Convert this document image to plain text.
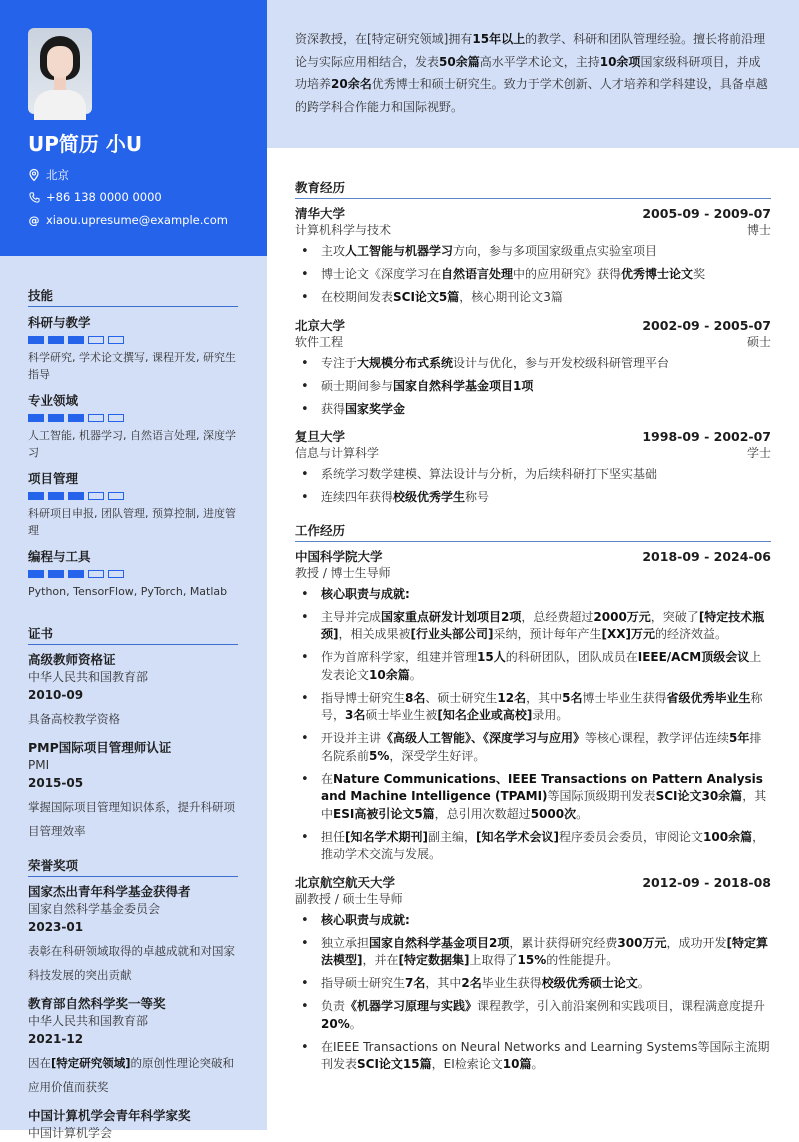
UP简历 小U
北京
+86 138 0000 0000
@ xiaou.upresume@example.com
技能
科研与教学
科学研究, 学术论文撰写, 课程开发, 研究生指导
专业领域
人工智能, 机器学习, 自然语言处理, 深度学习
项目管理
科研项目申报, 团队管理, 预算控制, 进度管理
编程与工具
Python, TensorFlow, PyTorch, Matlab
证书
高级教师资格证
中华人民共和国教育部
2010-09
具备高校教学资格
PMP国际项目管理师认证
PMI
2015-05
掌握国际项目管理知识体系，提升科研项目管理效率
荣誉奖项
国家杰出青年科学基金获得者
国家自然科学基金委员会
2023-01
表彰在科研领域取得的卓越成就和对国家科技发展的突出贡献
教育部自然科学奖一等奖
中华人民共和国教育部
2021-12
因在[特定研究领域]的原创性理论突破和应用价值而获奖
中国计算机学会青年科学家奖
中国计算机学会
资深教授，在[特定研究领域]拥有15年以上的教学、科研和团队管理经验。擅长将前沿理论与实际应用相结合，发表50余篇高水平学术论文，主持10余项国家级科研项目，并成功培养20余名优秀博士和硕士研究生。致力于学术创新、人才培养和学科建设，具备卓越的跨学科合作能力和国际视野。
教育经历
清华大学	2005-09 - 2009-07
计算机科学与技术	博士
• 主攻人工智能与机器学习方向，参与多项国家级重点实验室项目
• 博士论文《深度学习在自然语言处理中的应用研究》获得优秀博士论文奖
• 在校期间发表SCI论文5篇，核心期刊论文3篇
北京大学	2002-09 - 2005-07
软件工程	硕士
• 专注于大规模分布式系统设计与优化，参与开发校级科研管理平台
• 硕士期间参与国家自然科学基金项目1项
• 获得国家奖学金
复旦大学	1998-09 - 2002-07
信息与计算科学	学士
• 系统学习数学建模、算法设计与分析，为后续科研打下坚实基础
• 连续四年获得校级优秀学生称号
工作经历
中国科学院大学	2018-09 - 2024-06
教授 / 博士生导师
• 核心职责与成就:
• 主导并完成国家重点研发计划项目2项，总经费超过2000万元，突破了[特定技术瓶颈]，相关成果被[行业头部公司]采纳，预计每年产生[XX]万元的经济效益。
• 作为首席科学家，组建并管理15人的科研团队，团队成员在IEEE/ACM顶级会议上发表论文10余篇。
• 指导博士研究生8名、硕士研究生12名，其中5名博士毕业生获得省级优秀毕业生称号，3名硕士毕业生被[知名企业或高校]录用。
• 开设并主讲《高级人工智能》、《深度学习与应用》等核心课程，教学评估连续5年排名院系前5%，深受学生好评。
• 在Nature Communications、IEEE Transactions on Pattern Analysis and Machine Intelligence (TPAMI)等国际顶级期刊发表SCI论文30余篇，其中ESI高被引论文5篇，总引用次数超过5000次。
• 担任[知名学术期刊]副主编，[知名学术会议]程序委员会委员，审阅论文100余篇，推动学术交流与发展。
北京航空航天大学	2012-09 - 2018-08
副教授 / 硕士生导师
• 核心职责与成就:
• 独立承担国家自然科学基金项目2项，累计获得研究经费300万元，成功开发[特定算法模型]，并在[特定数据集]上取得了15%的性能提升。
• 指导硕士研究生7名，其中2名毕业生获得校级优秀硕士论文。
• 负责《机器学习原理与实践》课程教学，引入前沿案例和实践项目，课程满意度提升20%。
• 在IEEE Transactions on Neural Networks and Learning Systems等国际主流期刊发表SCI论文15篇，EI检索论文10篇。
